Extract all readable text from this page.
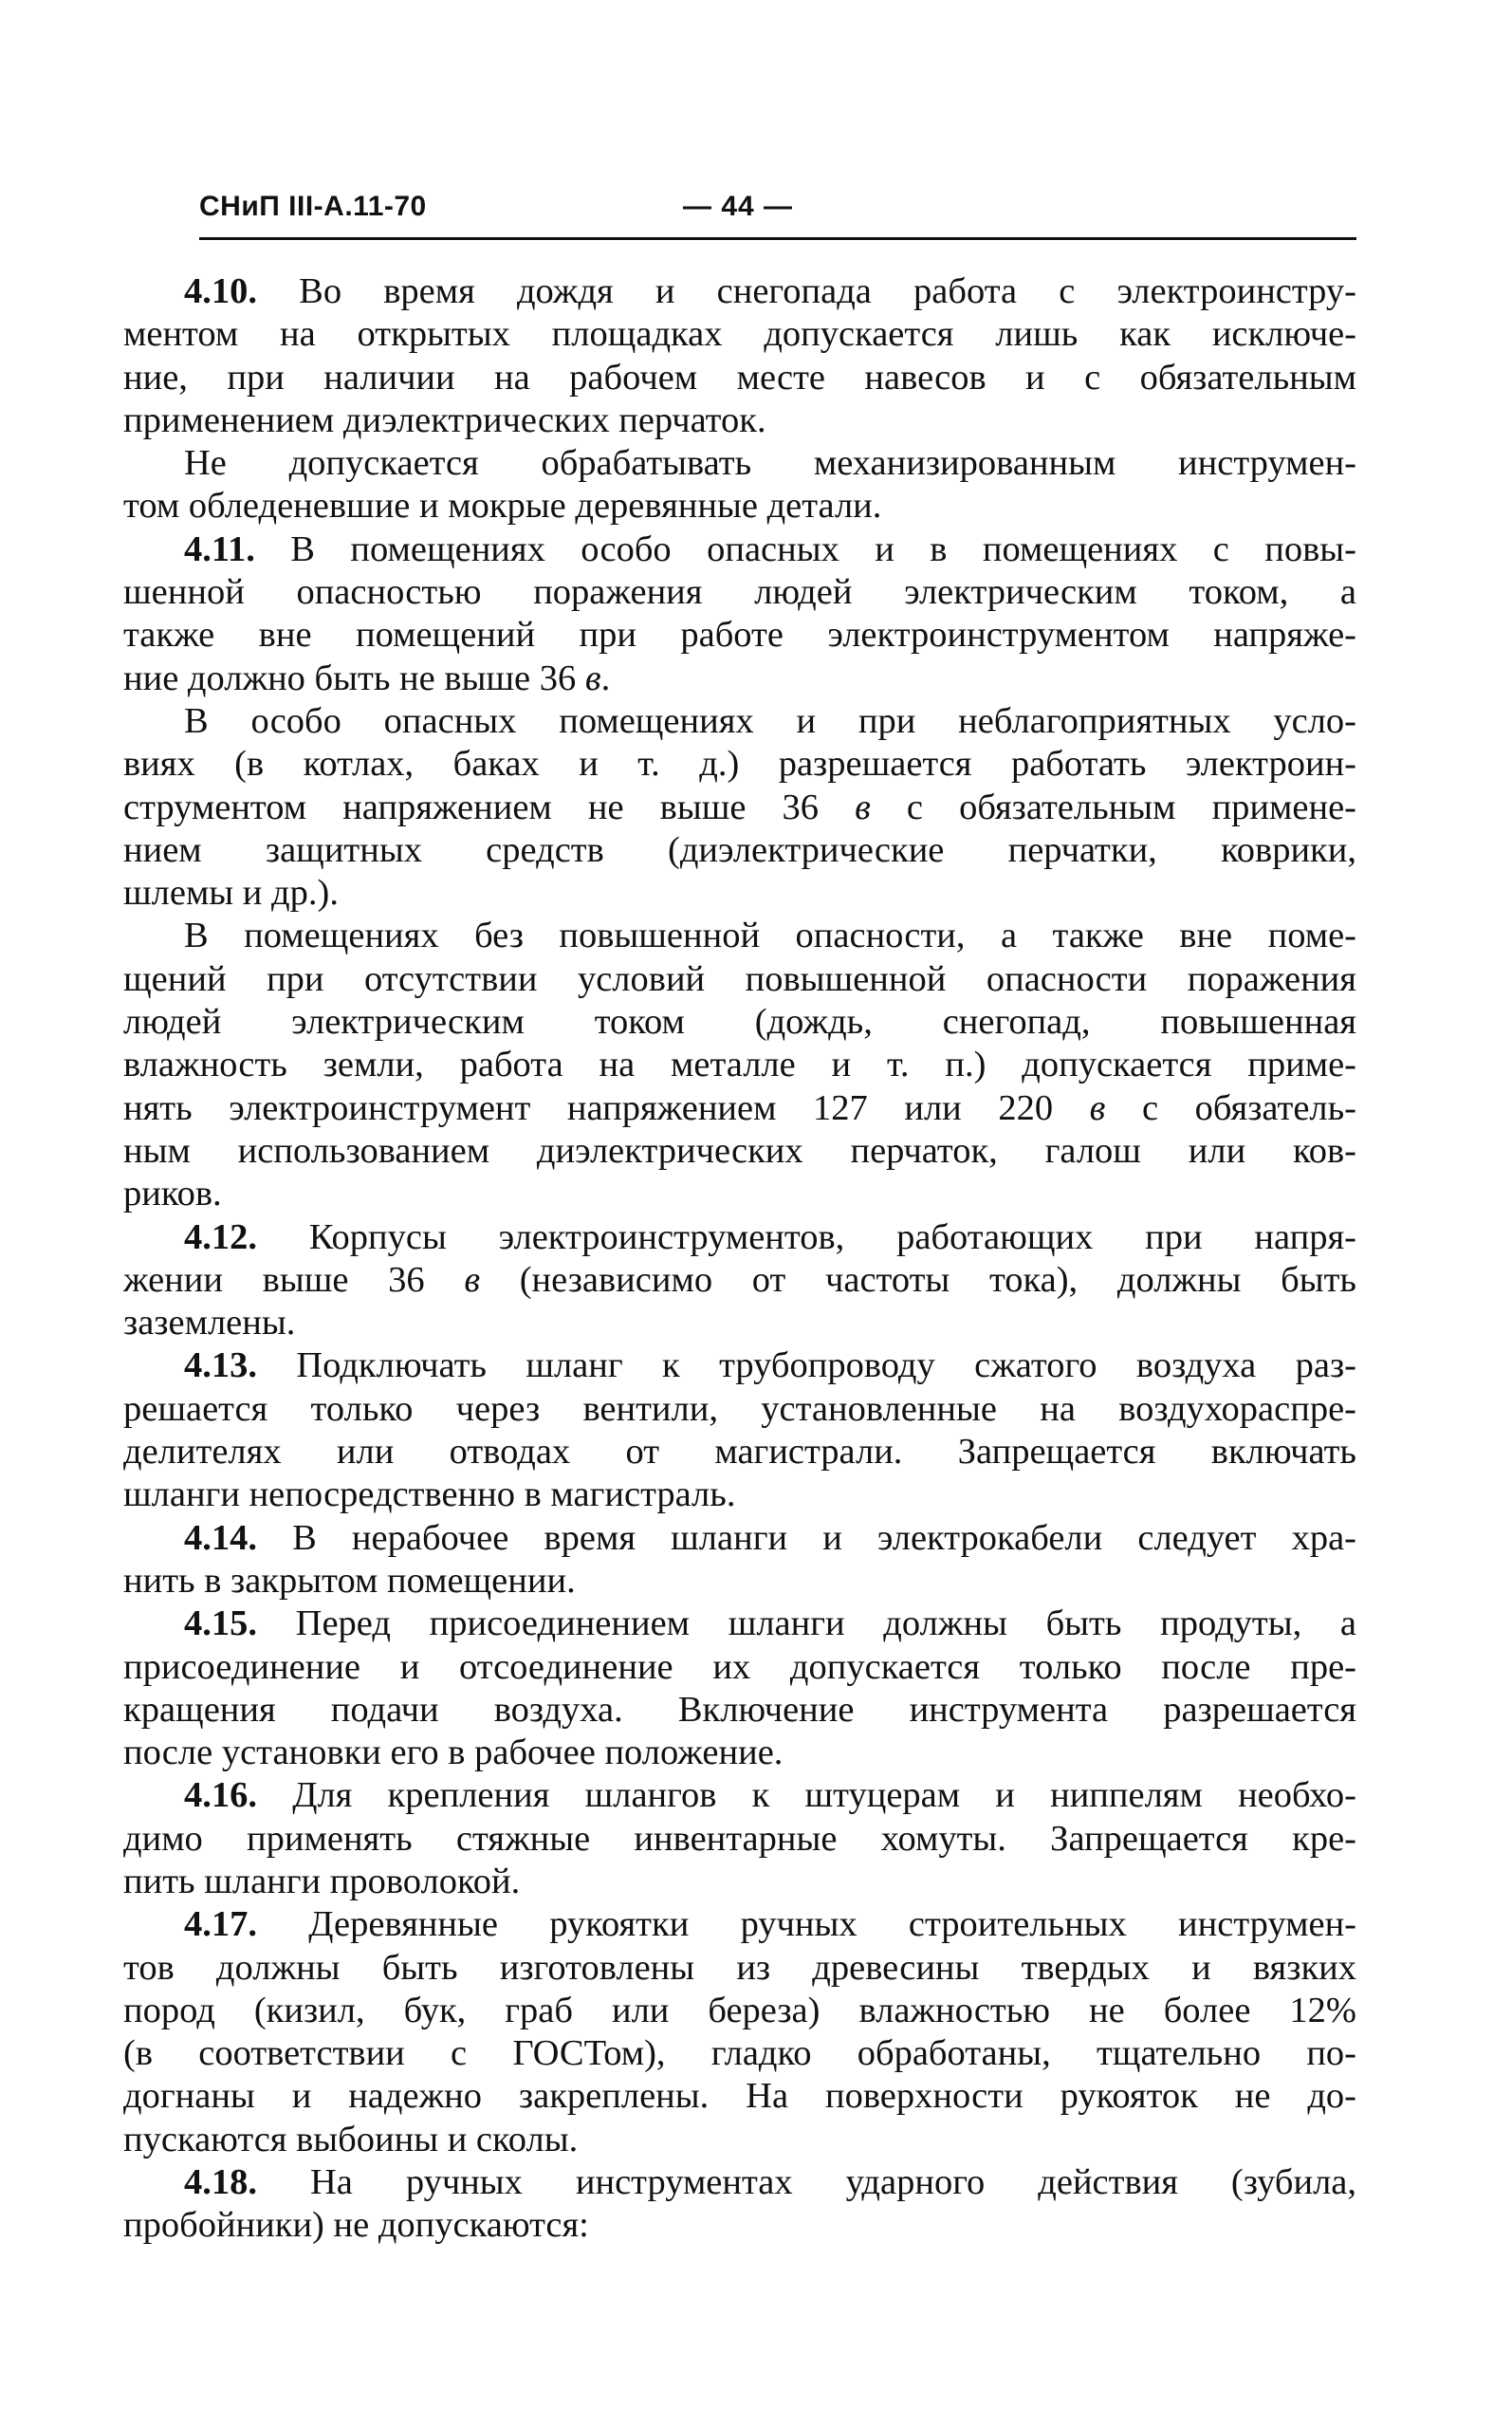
СНиП III-А.11-70	— 44 —
4.10. Во время дождя и снегопада работа с электроинстру-
ментом на открытых площадках допускается лишь как исключе-
ние, при наличии на рабочем месте навесов и с обязательным
применением диэлектрических перчаток.
Не допускается обрабатывать механизированным инструмен-
том обледеневшие и мокрые деревянные детали.
4.11. В помещениях особо опасных и в помещениях с повы-
шенной опасностью поражения людей электрическим током, а
также вне помещений при работе электроинструментом напряже-
ние должно быть не выше 36 в.
В особо опасных помещениях и при неблагоприятных усло-
виях (в котлах, баках и т. д.) разрешается работать электроин-
струментом напряжением не выше 36 в с обязательным примене-
нием защитных средств (диэлектрические перчатки, коврики,
шлемы и др.).
В помещениях без повышенной опасности, а также вне поме-
щений при отсутствии условий повышенной опасности поражения
людей электрическим током (дождь, снегопад, повышенная
влажность земли, работа на металле и т. п.) допускается приме-
нять электроинструмент напряжением 127 или 220 в с обязатель-
ным использованием диэлектрических перчаток, галош или ков-
риков.
4.12. Корпусы электроинструментов, работающих при напря-
жении выше 36 в (независимо от частоты тока), должны быть
заземлены.
4.13. Подключать шланг к трубопроводу сжатого воздуха раз-
решается только через вентили, установленные на воздухораспре-
делителях или отводах от магистрали. Запрещается включать
шланги непосредственно в магистраль.
4.14. В нерабочее время шланги и электрокабели следует хра-
нить в закрытом помещении.
4.15. Перед присоединением шланги должны быть продуты, а
присоединение и отсоединение их допускается только после пре-
кращения подачи воздуха. Включение инструмента разрешается
после установки его в рабочее положение.
4.16. Для крепления шлангов к штуцерам и ниппелям необхо-
димо применять стяжные инвентарные хомуты. Запрещается кре-
пить шланги проволокой.
4.17. Деревянные рукоятки ручных строительных инструмен-
тов должны быть изготовлены из древесины твердых и вязких
пород (кизил, бук, граб или береза) влажностью не более 12%
(в соответствии с ГОСТом), гладко обработаны, тщательно по-
догнаны и надежно закреплены. На поверхности рукояток не до-
пускаются выбоины и сколы.
4.18. На ручных инструментах ударного действия (зубила,
пробойники) не допускаются:
